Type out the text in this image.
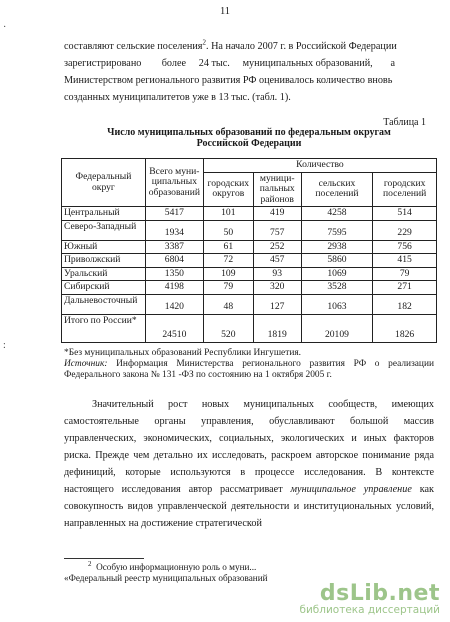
11

составляют сельские поселения$^2$. На начало 2007 г. в Российской Федерации

зарегистрировано        более     24 тыс.     муниципальных образований,       а

Министерством регионального развития РФ оценивалось количество вновь

созданных муниципалитетов уже в 13 тыс. (табл. 1).

Таблица 1
Число муниципальных образований по федеральным округам
Российской Федерации
Федеральный округ	Всего муни-ципальных образований	Количество			
		городских округов	муници-пальных районов	сельских поселений	городских поселений
Центральный	5417	101	419	4258	514
Северо-Западный	1934	50	757	7595	229
Южный	3387	61	252	2938	756
Приволжский	6804	72	457	5860	415
Уральский	1350	109	93	1069	79
Сибирский	4198	79	320	3528	271
Дальневосточный	1420	48	127	1063	182
Итого по России*	24510	520	1819	20109	1826

*Без муниципальных образований Республики Ингушетия.

Источник: Информация Министерства регионального развития РФ о реализации Федерального закона № 131 -ФЗ по состоянию на 1 октября 2005 г.

Значительный рост новых муниципальных сообществ, имеющих самостоятельные органы управления, обуславливают большой массив управленческих, экономических, социальных, экологических и иных факторов риска. Прежде чем детально их исследовать, раскроем авторское понимание ряда дефиниций, которые используются в процессе исследования. В контексте настоящего исследования автор рассматривает муниципальное управление как совокупность видов управленческой деятельности и институциональных условий, направленных на достижение стратегической

$^2$ Особую информационную роль о муни...

«Федеральный реестр муниципальных образований

·
:
dsLib.net
библиотека диссертаций
